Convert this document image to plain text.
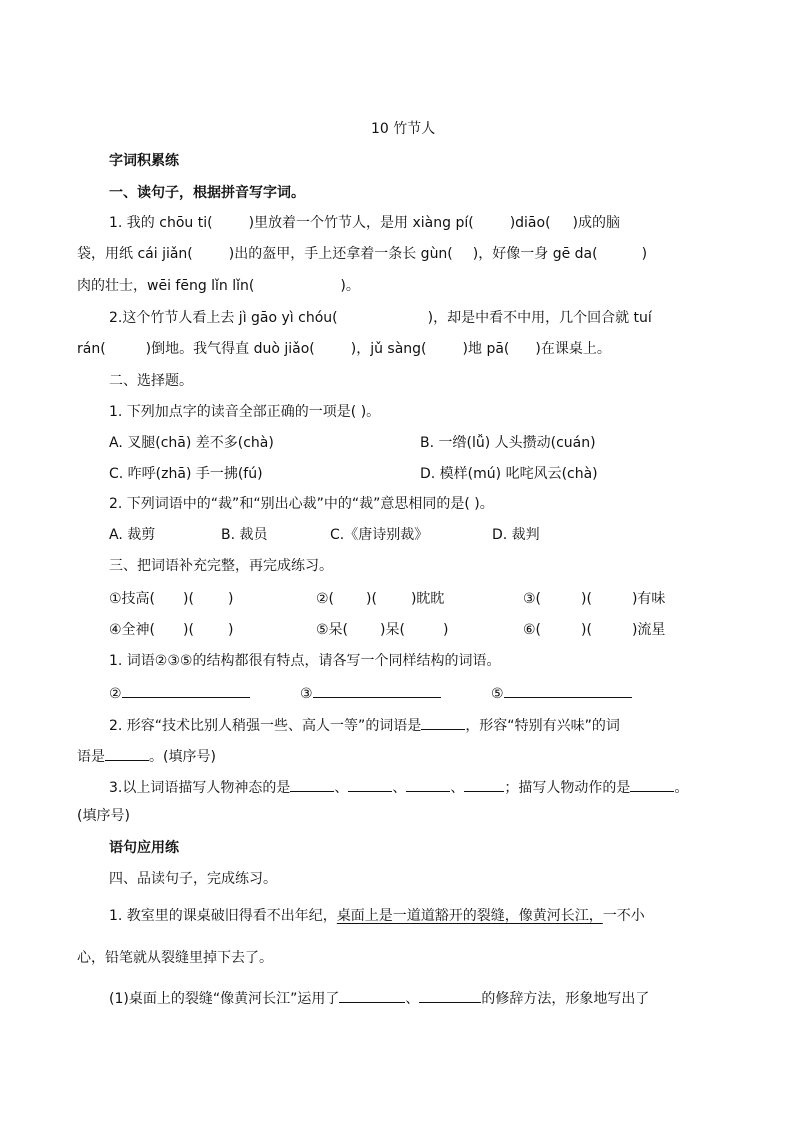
10 竹节人
字词积累练
一、读句子，根据拼音写字词。
1. 我的 chōu ti(	)里放着一个竹节人，是用 xiàng pí(	)diāo( )成的脑
袋，用纸 cái jiǎn(	)出的盔甲，手上还拿着一条长 gùn( )，好像一身 gē da(	)
肉的壮士，wēi fēng lǐn lǐn(	)。
2.这个竹节人看上去 jì gāo yì chóu(	)，却是中看不中用，几个回合就 tuí
rán(	)倒地。我气得直 duò jiǎo(	)，jǔ sàng(	)地 pā( )在课桌上。
二、选择题。
1. 下列加点字的读音全部正确的一项是( )。
A. 叉腿(chā) 差不多(chà)	B. 一绺(lǚ) 人头攒动(cuán)
C. 咋呼(zhā) 手一拂(fú)	D. 模样(mú) 叱咤风云(chà)
2. 下列词语中的“裁”和“别出心裁”中的“裁”意思相同的是( )。
A. 裁剪	B. 裁员	C.《唐诗别裁》	D. 裁判
三、把词语补充完整，再完成练习。
①技高( )( )	②( )( )眈眈	③(	)(	)有味
④全神( )( )	⑤呆( )呆(	)	⑥(	)(	)流星
1. 词语②③⑤的结构都很有特点，请各写一个同样结构的词语。
②	③	⑤
2. 形容“技术比别人稍强一些、高人一等”的词语是	，形容“特别有兴味”的词
语是	。(填序号)
3.以上词语描写人物神态的是	、	、	、	；描写人物动作的是	。
(填序号)
语句应用练
四、品读句子，完成练习。
1. 教室里的课桌破旧得看不出年纪，桌面上是一道道豁开的裂缝，像黄河长江，一不小
心，铅笔就从裂缝里掉下去了。
(1)桌面上的裂缝“像黄河长江”运用了	、	的修辞方法，形象地写出了
